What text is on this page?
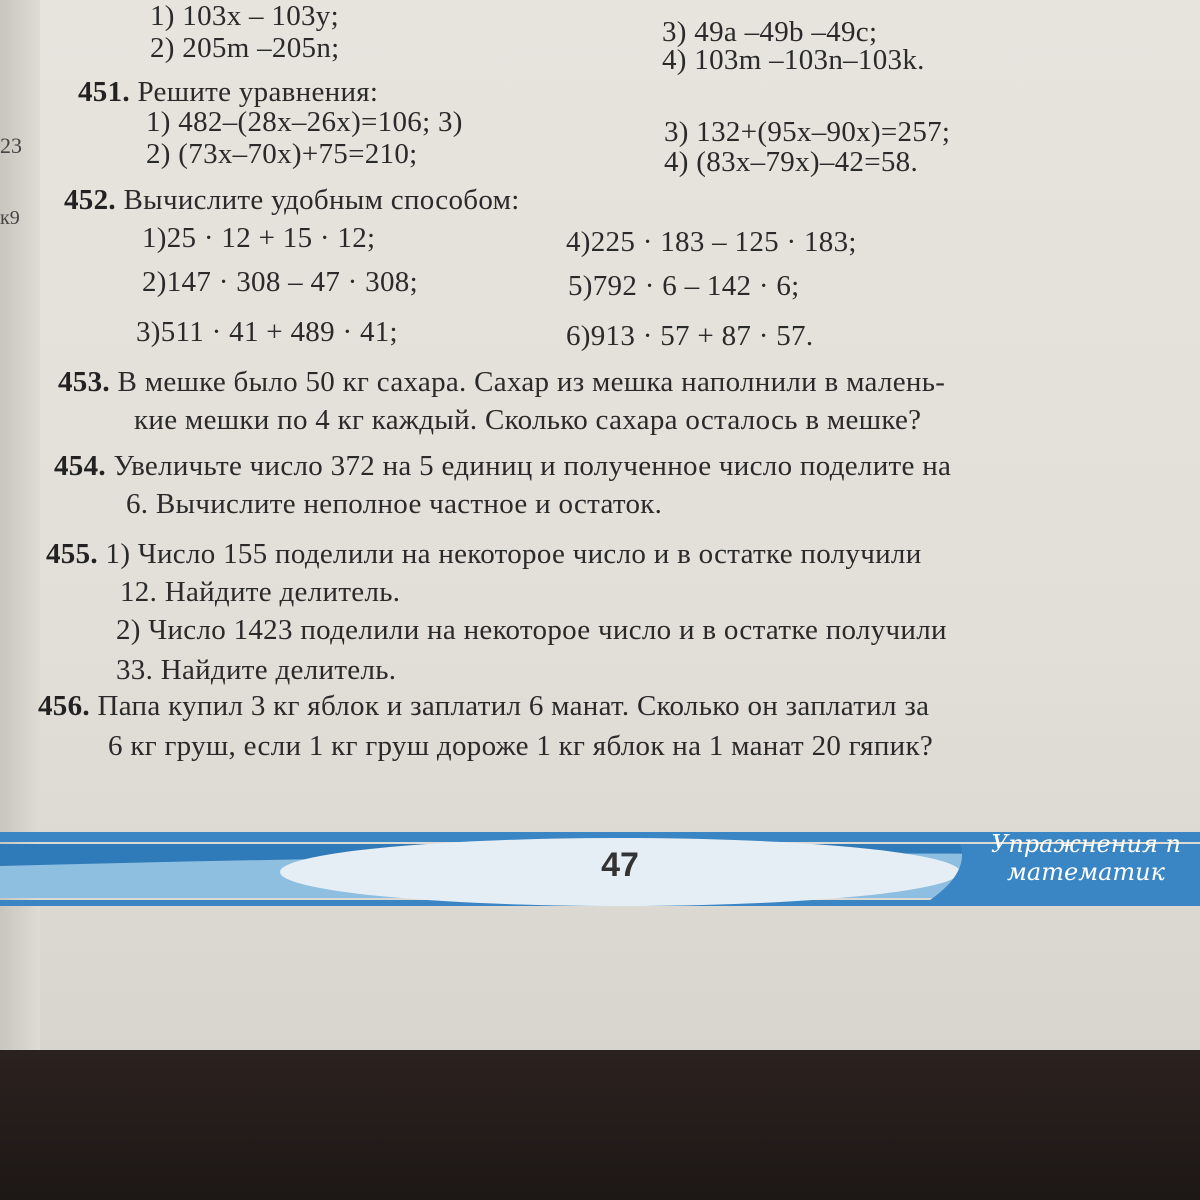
23
к9
1) 103x – 103y;	3) 49a –49b –49c;
2) 205m –205n;	4) 103m –103n–103k.
451. Решите уравнения:
1) 482–(28x–26x)=106; 3)	3) 132+(95x–90x)=257;
2) (73x–70x)+75=210;	4) (83x–79x)–42=58.
452. Вычислите удобным способом:
1)25 · 12 + 15 · 12;	4)225 · 183 – 125 · 183;
2)147 · 308 – 47 · 308;	5)792 · 6 – 142 · 6;
3)511 · 41 + 489 · 41;	6)913 · 57 + 87 · 57.
453. В мешке было 50 кг сахара. Сахар из мешка наполнили в малень-
кие мешки по 4 кг каждый. Сколько сахара осталось в мешке?
454. Увеличьте число 372 на 5 единиц и полученное число поделите на
6. Вычислите неполное частное и остаток.
455. 1) Число 155 поделили на некоторое число и в остатке получили
12. Найдите делитель.
2) Число 1423 поделили на некоторое число и в остатке получили
33. Найдите делитель.
456. Папа купил 3 кг яблок и заплатил 6 манат. Сколько он заплатил за
6 кг груш, если 1 кг груш дороже 1 кг яблок на 1 манат 20 гяпик?
47
Упражнения п
математик
